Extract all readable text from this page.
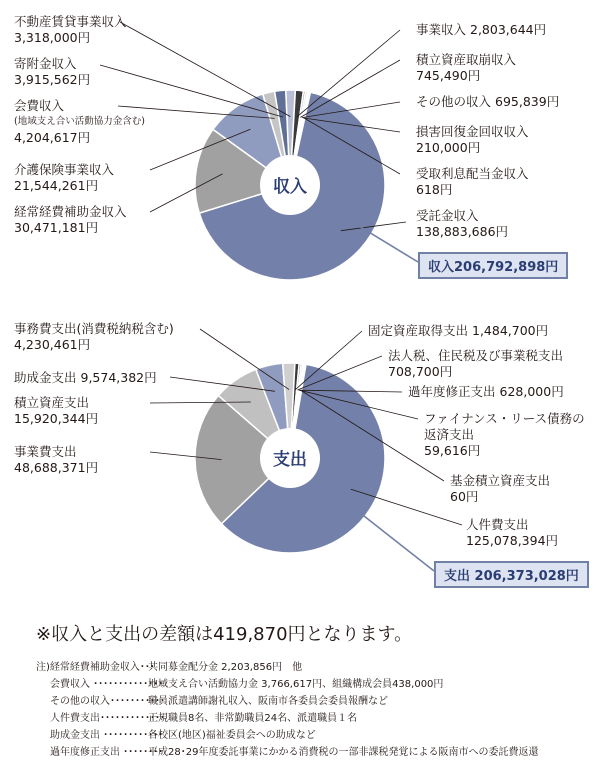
収入
支出
不動産賃貸事業収入
3,318,000円
寄附金収入
3,915,562円
会費収入
(地域支え合い活動協力金含む)
4,204,617円
介護保険事業収入
21,544,261円
経常経費補助金収入
30,471,181円
事業収入 2,803,644円
積立資産取崩収入
745,490円
その他の収入 695,839円
損害回復金回収収入
210,000円
受取利息配当金収入
618円
受託金収入
138,883,686円
収入206,792,898円
事務費支出(消費税納税含む)
4,230,461円
助成金支出 9,574,382円
積立資産支出
15,920,344円
事業費支出
48,688,371円
固定資産取得支出 1,484,700円
法人税、住民税及び事業税支出
708,700円
過年度修正支出 628,000円
ファイナンス・リース債務の
返済支出
59,616円
基金積立資産支出
60円
人件費支出
125,078,394円
支出 206,373,028円
※収入と支出の差額は419,870円となります。
注)経常経費補助金収入･･･共同募金配分金 2,203,856円　他
会費収入 ･･････････････地域支え合い活動協力金 3,766,617円、組織構成会員438,000円
その他の収入･･･････････職員派遣講師謝礼収入、阪南市各委員会委員報酬など
人件費支出･････････････正規職員8名、非常勤職員24名、派遣職員１名
助成金支出 ････････････各校区(地区)福祉委員会への助成など
過年度修正支出 ････････平成28･29年度委託事業にかかる消費税の一部非課税発覚による阪南市への委託費返還
